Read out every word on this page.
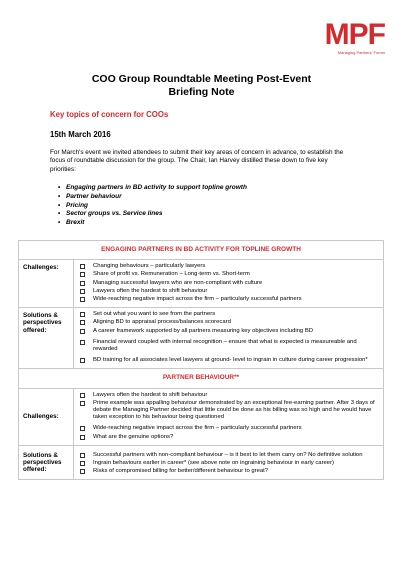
MPF
Managing Partners' Forum
COO Group Roundtable Meeting Post-Event
Briefing Note
Key topics of concern for COOs
15th March 2016
For March's event we invited attendees to submit their key areas of concern in advance, to establish the focus of roundtable discussion for the group. The Chair, Ian Harvey distilled these down to five key priorities:
• Engaging partners in BD activity to support topline growth
• Partner behaviour
• Pricing
• Sector groups vs. Service lines
• Brexit
ENGAGING PARTNERS IN BD ACTIVITY FOR TOPLINE GROWTH	
Challenges:	Changing behaviours – particularly lawyers
Share of profit vs. Remuneration – Long-term vs. Short-term
Managing successful lawyers who are non-compliant with culture
Lawyers often the hardest to shift behaviour
Wide-reaching negative impact across the firm – particularly successful partners

Solutions & perspectives offered:	Set out what you want to see from the partners
Aligning BD to appraisal process/balances scorecard
A career framework supported by all partners measuring key objectives including BD
Financial reward coupled with internal recognition – ensure that what is expected is measureable and rewarded
BD training for all associates level lawyers at ground- level to ingrain in culture during career progression*

PARTNER BEHAVIOUR**	
Challenges:	Lawyers often the hardest to shift behaviour
Prime example was appalling behaviour demonstrated by an exceptional fee-earning partner. After 3 days of debate the Managing Partner decided that little could be done as his billing was so high and he would have taken exception to his behaviour being questioned
Wide-reaching negative impact across the firm – particularly successful partners
What are the genuine options?

Solutions & perspectives offered:	Successful partners with non-compliant behaviour – is it best to let them carry on? No definitive solution
Ingrain behaviours earlier in career* (see above note on ingraining behaviour in early career)
Risks of compromised billing for better/different behaviour to great?
